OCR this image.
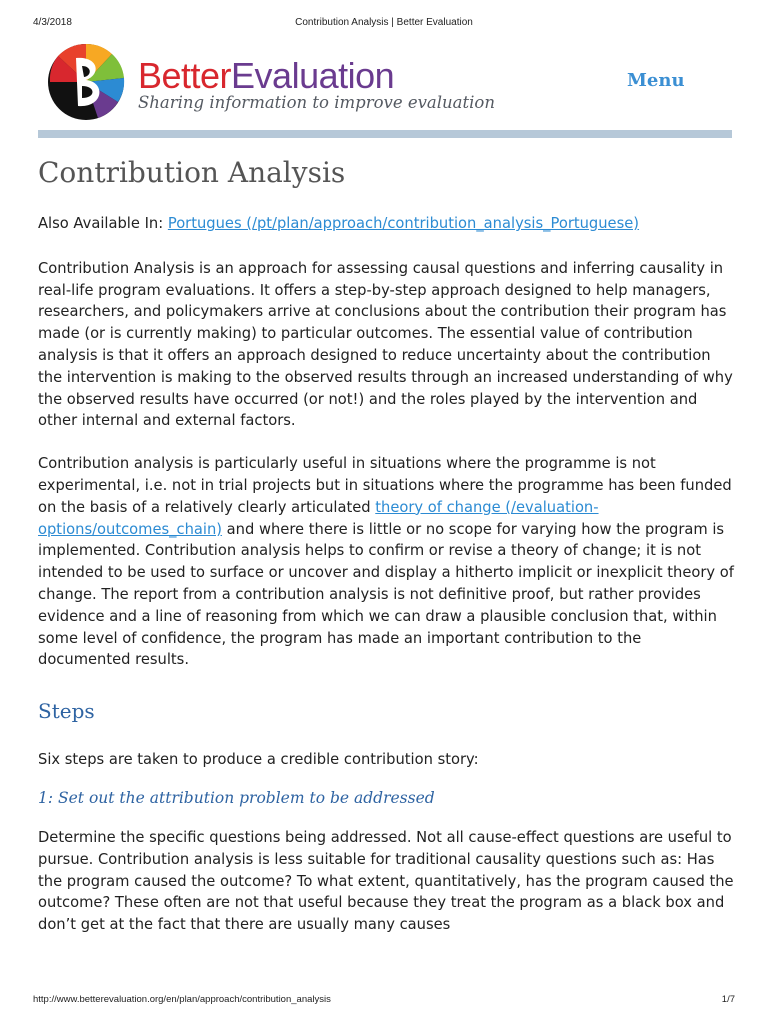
4/3/2018	Contribution Analysis | Better Evaluation
BetterEvaluation
Sharing information to improve evaluation
Menu
Contribution Analysis

Also Available In: Portugues (/pt/plan/approach/contribution_analysis_Portuguese)

Contribution Analysis is an approach for assessing causal questions and inferring causality in real-life program evaluations. It offers a step-by-step approach designed to help managers, researchers, and policymakers arrive at conclusions about the contribution their program has made (or is currently making) to particular outcomes. The essential value of contribution analysis is that it offers an approach designed to reduce uncertainty about the contribution the intervention is making to the observed results through an increased understanding of why the observed results have occurred (or not!) and the roles played by the intervention and other internal and external factors.

Contribution analysis is particularly useful in situations where the programme is not experimental, i.e. not in trial projects but in situations where the programme has been funded on the basis of a relatively clearly articulated theory of change (/evaluation-options/outcomes_chain) and where there is little or no scope for varying how the program is implemented. Contribution analysis helps to confirm or revise a theory of change; it is not intended to be used to surface or uncover and display a hitherto implicit or inexplicit theory of change. The report from a contribution analysis is not definitive proof, but rather provides evidence and a line of reasoning from which we can draw a plausible conclusion that, within some level of confidence, the program has made an important contribution to the documented results.

Steps

Six steps are taken to produce a credible contribution story:

1: Set out the attribution problem to be addressed

Determine the specific questions being addressed. Not all cause-effect questions are useful to pursue. Contribution analysis is less suitable for traditional causality questions such as: Has the program caused the outcome? To what extent, quantitatively, has the program caused the outcome? These often are not that useful because they treat the program as a black box and don’t get at the fact that there are usually many causes

http://www.betterevaluation.org/en/plan/approach/contribution_analysis	1/7
